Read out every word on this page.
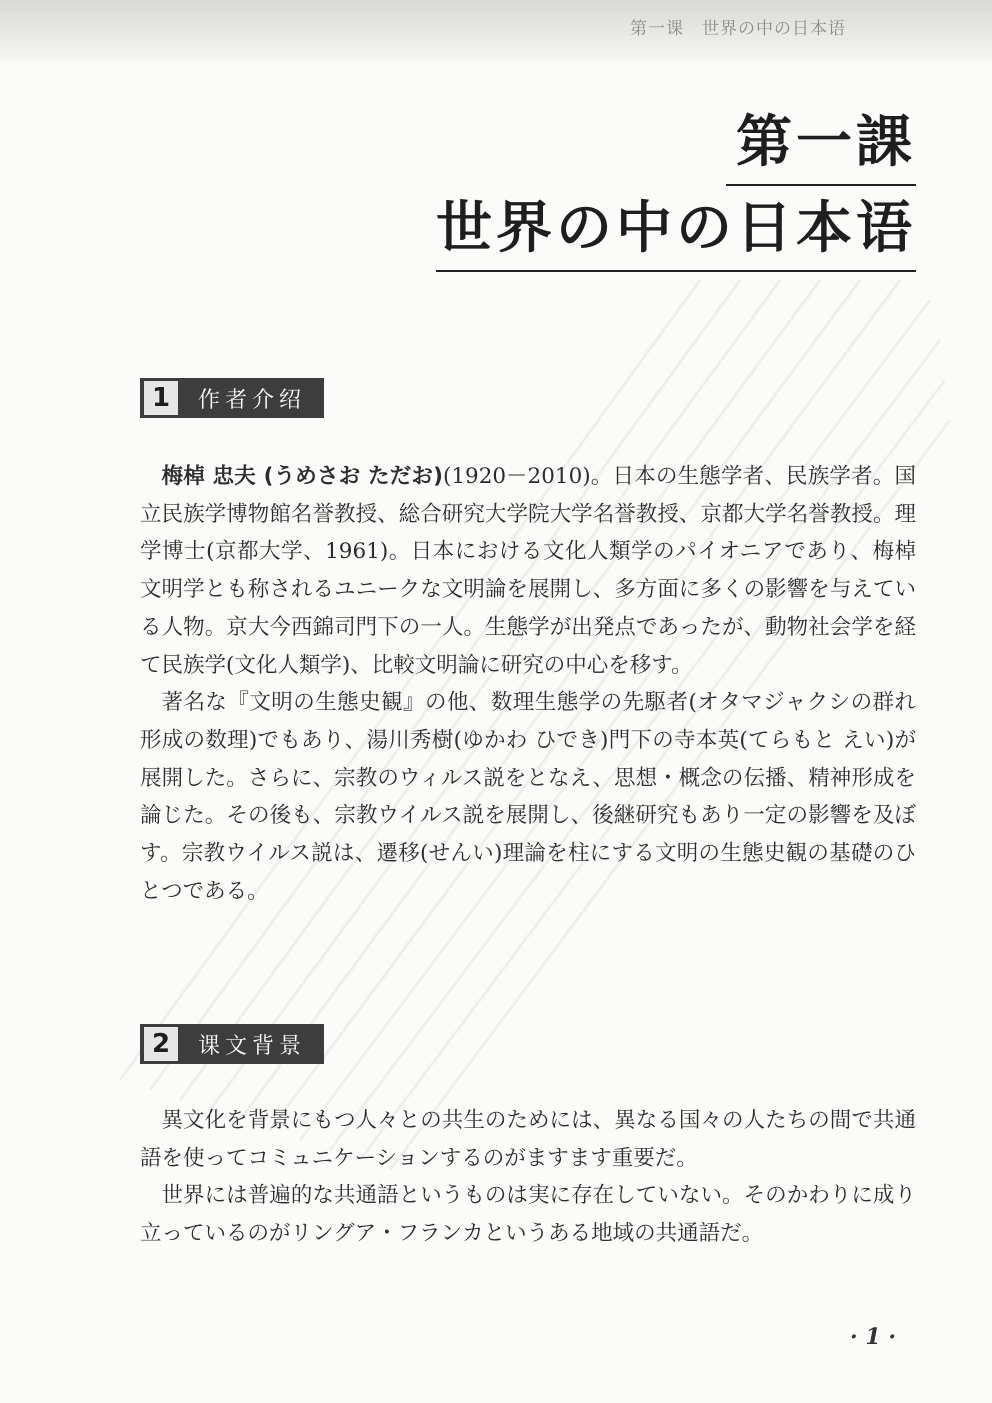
第一课　世界の中の日本语
第一課
世界の中の日本语
1	作者介绍

梅棹 忠夫 (うめさお ただお)(1920－2010)。日本の生態学者、民族学者。国立民族学博物館名誉教授、総合研究大学院大学名誉教授、京都大学名誉教授。理学博士(京都大学、1961)。日本における文化人類学のパイオニアであり、梅棹文明学とも称されるユニークな文明論を展開し、多方面に多くの影響を与えている人物。京大今西錦司門下の一人。生態学が出発点であったが、動物社会学を経て民族学(文化人類学)、比較文明論に研究の中心を移す。

著名な『文明の生態史観』の他、数理生態学の先駆者(オタマジャクシの群れ形成の数理)でもあり、湯川秀樹(ゆかわ ひでき)門下の寺本英(てらもと えい)が展開した。さらに、宗教のウィルス説をとなえ、思想・概念の伝播、精神形成を論じた。その後も、宗教ウイルス説を展開し、後継研究もあり一定の影響を及ぼす。宗教ウイルス説は、遷移(せんい)理論を柱にする文明の生態史観の基礎のひとつである。

2	课文背景

異文化を背景にもつ人々との共生のためには、異なる国々の人たちの間で共通語を使ってコミュニケーションするのがますます重要だ。

世界には普遍的な共通語というものは実に存在していない。そのかわりに成り立っているのがリングア・フランカというある地域の共通語だ。

· 1 ·
